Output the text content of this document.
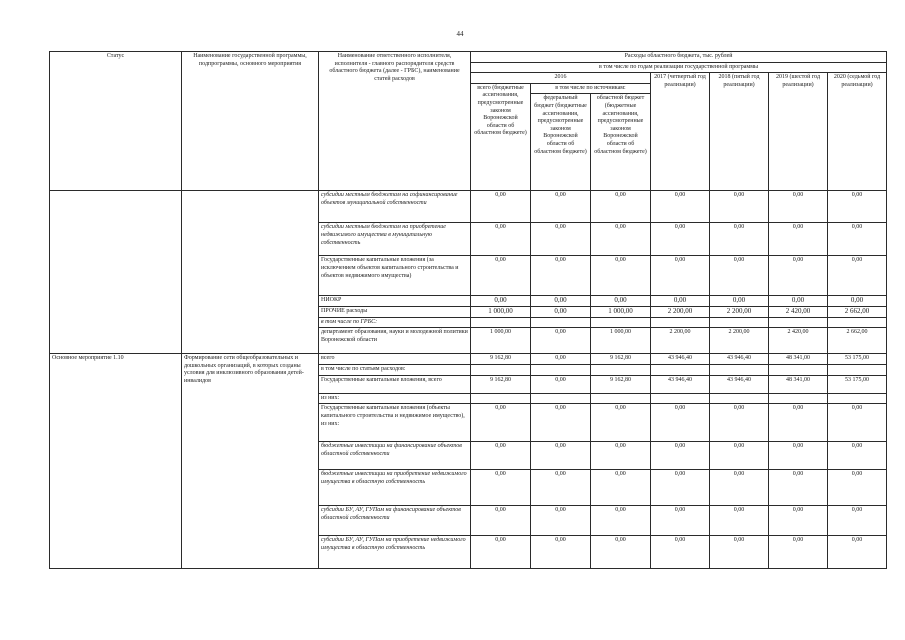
44
Статус	Наименование государственной программы, подпрограммы, основного мероприятия	Наименование ответственного исполнителя, исполнителя - главного распорядителя средств областного бюджета (далее - ГРБС), наименование статей расходов	Расходы областного бюджета, тыс. рублей						
			в том числе по годам реализации государственной программы						
			2016			2017 (четвертый год реализации)	2018 (пятый год реализации)	2019 (шестой год реализации)	2020 (седьмой год реализации)
			всего (бюджетные ассигнования, предусмотренные законом Воронежской области об областном бюджете)	в том числе по источникам:					
				федеральный бюджет (бюджетные ассигнования, предусмотренные законом Воронежской области об областном бюджете)	областной бюджет (бюджетные ассигнования, предусмотренные законом Воронежской области об областном бюджете)				
		субсидии местным бюджетам на софинансирование объектов муниципальной собственности	0,00	0,00	0,00	0,00	0,00	0,00	0,00
		субсидии местным бюджетам на приобретение недвижимого имущества в муниципальную собственность	0,00	0,00	0,00	0,00	0,00	0,00	0,00
		Государственные капитальные вложения (за исключением объектов капитального строительства и объектов недвижимого имущества)	0,00	0,00	0,00	0,00	0,00	0,00	0,00
		НИОКР	0,00	0,00	0,00	0,00	0,00	0,00	0,00
		ПРОЧИЕ расходы	1 000,00	0,00	1 000,00	2 200,00	2 200,00	2 420,00	2 662,00
		в том числе по ГРБС:							
		департамент образования, науки и молодежной политики Воронежской области	1 000,00	0,00	1 000,00	2 200,00	2 200,00	2 420,00	2 662,00
Основное мероприятие 1.10	Формирование сети общеобразовательных и дошкольных организаций, в которых созданы условия для инклюзивного образования детей-инвалидов	всего	9 162,80	0,00	9 162,80	43 946,40	43 946,40	48 341,00	53 175,00
		в том числе по статьям расходов:							
		Государственные капитальные вложения, всего	9 162,80	0,00	9 162,80	43 946,40	43 946,40	48 341,00	53 175,00
		из них:							
		Государственные капитальные вложения (объекты капитального строительства и недвижимое имущество), из них:	0,00	0,00	0,00	0,00	0,00	0,00	0,00
		бюджетные инвестиции на финансирование объектов областной собственности	0,00	0,00	0,00	0,00	0,00	0,00	0,00
		бюджетные инвестиции на приобретение недвижимого имущества в областную собственность	0,00	0,00	0,00	0,00	0,00	0,00	0,00
		субсидии БУ, АУ, ГУПам на финансирование объектов областной собственности	0,00	0,00	0,00	0,00	0,00	0,00	0,00
		субсидии БУ, АУ, ГУПам на приобретение недвижимого имущества в областную собственность	0,00	0,00	0,00	0,00	0,00	0,00	0,00
